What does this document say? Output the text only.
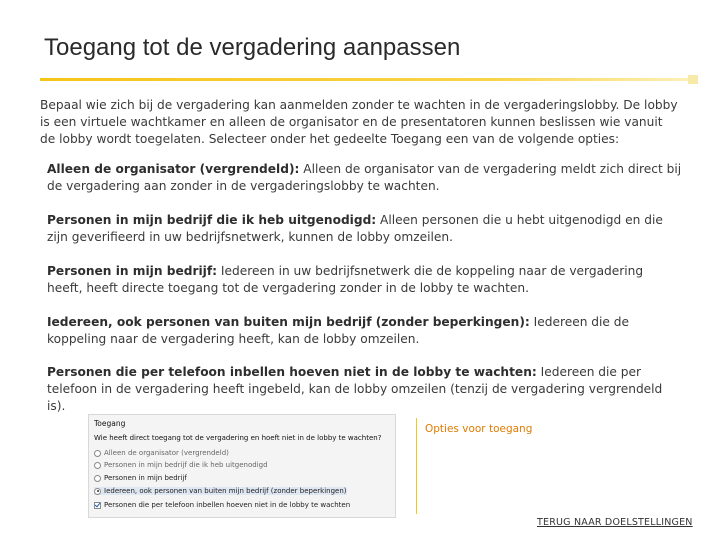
Toegang tot de vergadering aanpassen
Bepaal wie zich bij de vergadering kan aanmelden zonder te wachten in de vergaderingslobby. De lobby is een virtuele wachtkamer en alleen de organisator en de presentatoren kunnen beslissen wie vanuit de lobby wordt toegelaten. Selecteer onder het gedeelte Toegang een van de volgende opties:
Alleen de organisator (vergrendeld): Alleen de organisator van de vergadering meldt zich direct bij de vergadering aan zonder in de vergaderingslobby te wachten.
Personen in mijn bedrijf die ik heb uitgenodigd: Alleen personen die u hebt uitgenodigd en die zijn geverifieerd in uw bedrijfsnetwerk, kunnen de lobby omzeilen.
Personen in mijn bedrijf: Iedereen in uw bedrijfsnetwerk die de koppeling naar de vergadering heeft, heeft directe toegang tot de vergadering zonder in de lobby te wachten.
Iedereen, ook personen van buiten mijn bedrijf (zonder beperkingen): Iedereen die de koppeling naar de vergadering heeft, kan de lobby omzeilen.
Personen die per telefoon inbellen hoeven niet in de lobby te wachten: Iedereen die per telefoon in de vergadering heeft ingebeld, kan de lobby omzeilen (tenzij de vergadering vergrendeld is).
Toegang
Wie heeft direct toegang tot de vergadering en hoeft niet in de lobby te wachten?
Alleen de organisator (vergrendeld)
Personen in mijn bedrijf die ik heb uitgenodigd
Personen in mijn bedrijf
Iedereen, ook personen van buiten mijn bedrijf (zonder beperkingen)
Personen die per telefoon inbellen hoeven niet in de lobby te wachten
Opties voor toegang
TERUG NAAR DOELSTELLINGEN
